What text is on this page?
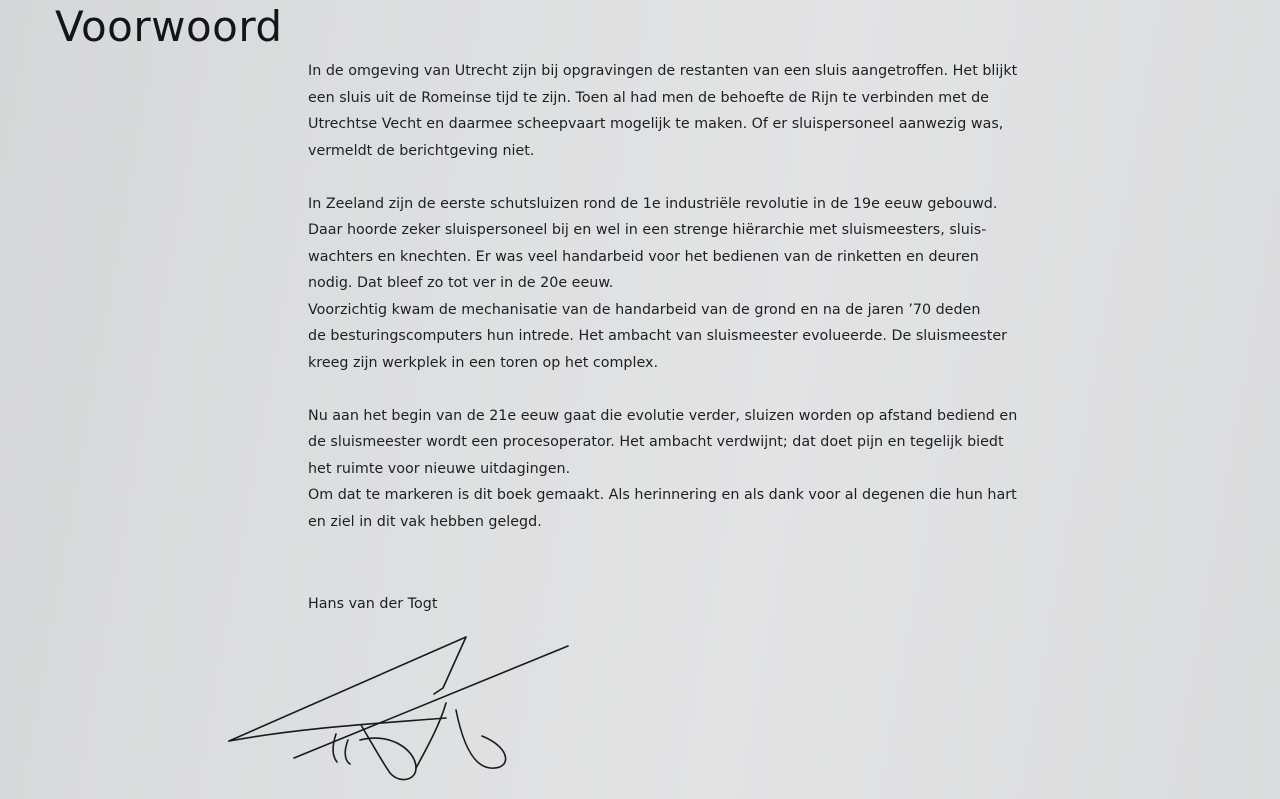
Voorwoord

In de omgeving van Utrecht zijn bij opgravingen de restanten van een sluis aangetroffen. Het blijkt
een sluis uit de Romeinse tijd te zijn. Toen al had men de behoefte de Rijn te verbinden met de
Utrechtse Vecht en daarmee scheepvaart mogelijk te maken. Of er sluispersoneel aanwezig was,
vermeldt de berichtgeving niet.

In Zeeland zijn de eerste schutsluizen rond de 1e industriële revolutie in de 19e eeuw gebouwd.
Daar hoorde zeker sluispersoneel bij en wel in een strenge hiërarchie met sluismeesters, sluis-
wachters en knechten. Er was veel handarbeid voor het bedienen van de rinketten en deuren
nodig. Dat bleef zo tot ver in de 20e eeuw.
Voorzichtig kwam de mechanisatie van de handarbeid van de grond en na de jaren ’70 deden
de besturingscomputers hun intrede. Het ambacht van sluismeester evolueerde. De sluismeester
kreeg zijn werkplek in een toren op het complex.

Nu aan het begin van de 21e eeuw gaat die evolutie verder, sluizen worden op afstand bediend en
de sluismeester wordt een procesoperator. Het ambacht verdwijnt; dat doet pijn en tegelijk biedt
het ruimte voor nieuwe uitdagingen.
Om dat te markeren is dit boek gemaakt. Als herinnering en als dank voor al degenen die hun hart
en ziel in dit vak hebben gelegd.

Hans van der Togt
